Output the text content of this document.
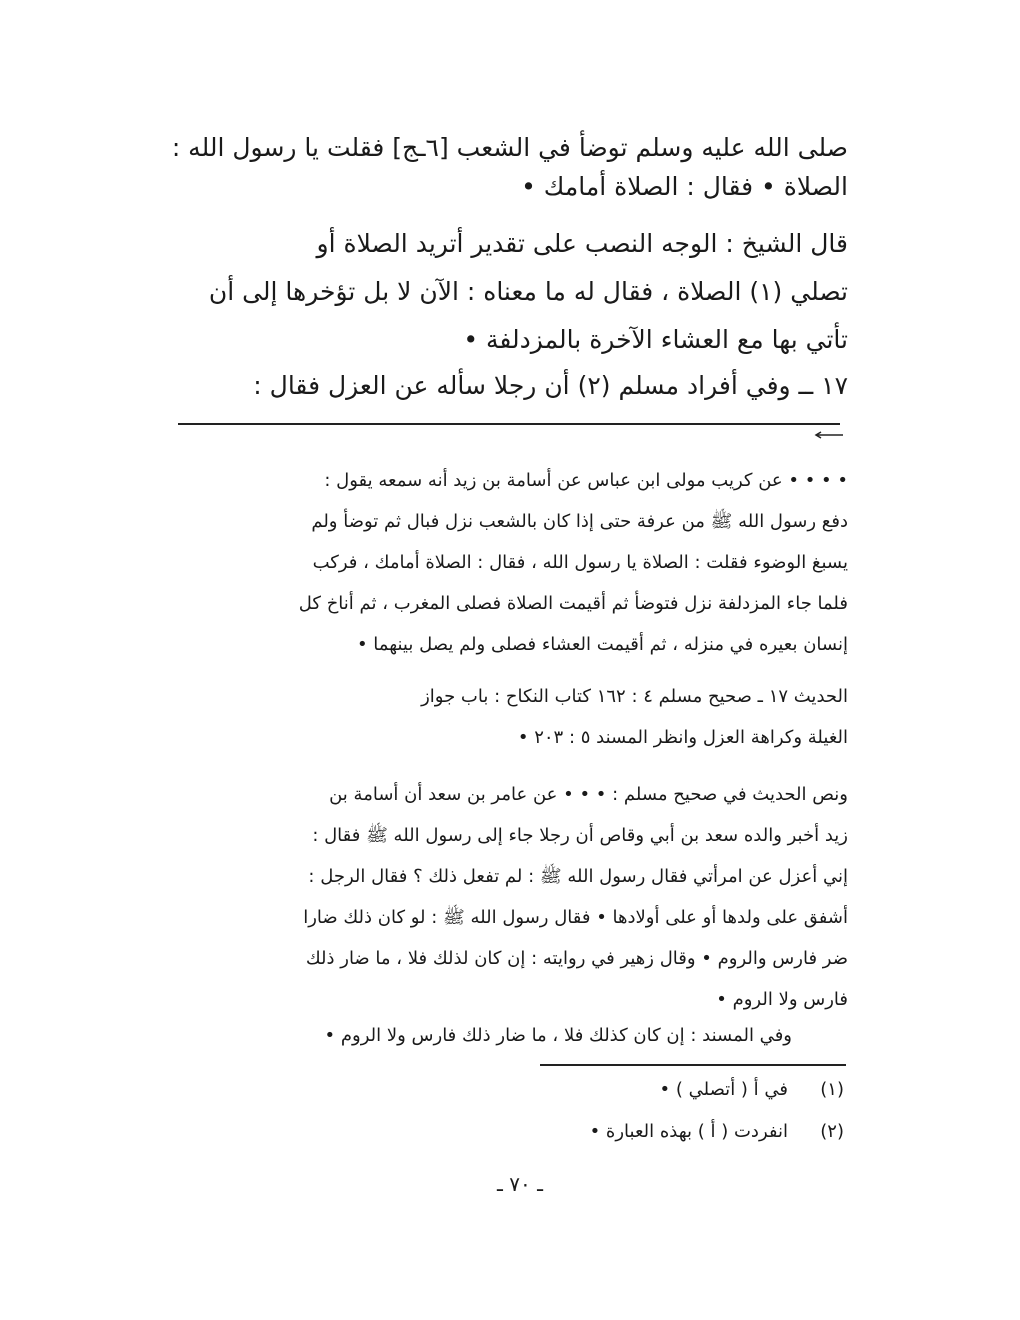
صلى الله عليه وسلم توضأ في الشعب [٦ـج] فقلت يا رسول الله :

الصلاة • فقال : الصلاة أمامك •

قال الشيخ : الوجه النصب على تقدير أتريد الصلاة أو

تصلي (١) الصلاة ، فقال له ما معناه : الآن لا بل تؤخرها إلى أن

تأتي بها مع العشاء الآخرة بالمزدلفة •

١٧ ــ وفي أفراد مسلم (٢) أن رجلا سأله عن العزل فقال :

• • • • عن كريب مولى ابن عباس عن أسامة بن زيد أنه سمعه يقول :

دفع رسول الله ﷺ من عرفة حتى إذا كان بالشعب نزل فبال ثم توضأ ولم

يسبغ الوضوء فقلت : الصلاة يا رسول الله ، فقال : الصلاة أمامك ، فركب

فلما جاء المزدلفة نزل فتوضأ ثم أقيمت الصلاة فصلى المغرب ، ثم أناخ كل

إنسان بعيره في منزله ، ثم أقيمت العشاء فصلى ولم يصل بينهما •

الحديث ١٧ ـ صحيح مسلم ٤ : ١٦٢ كتاب النكاح : باب جواز

الغيلة وكراهة العزل وانظر المسند ٥ : ٢٠٣ •

ونص الحديث في صحيح مسلم : • • • عن عامر بن سعد أن أسامة بن

زيد أخبر والده سعد بن أبي وقاص أن رجلا جاء إلى رسول الله ﷺ فقال :

إني أعزل عن امرأتي فقال رسول الله ﷺ : لم تفعل ذلك ؟ فقال الرجل :

أشفق على ولدها أو على أولادها • فقال رسول الله ﷺ : لو كان ذلك ضارا

ضر فارس والروم • وقال زهير في روايته : إن كان لذلك فلا ، ما ضار ذلك

فارس ولا الروم •

وفي المسند : إن كان كذلك فلا ، ما ضار ذلك فارس ولا الروم •

(١)
في أ ( أتصلي ) •
(٢)
انفردت ( أ ) بهذه العبارة •
ـ ٧٠ ـ
